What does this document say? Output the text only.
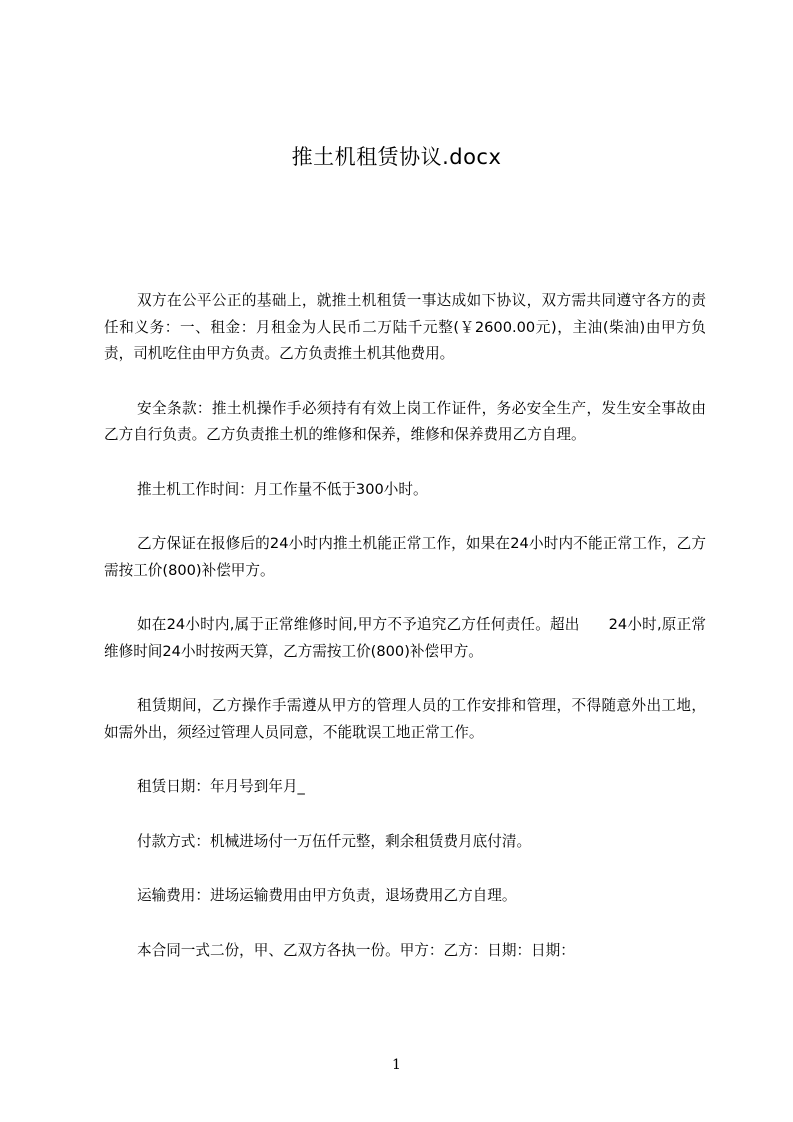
推土机租赁协议.docx

双方在公平公正的基础上，就推土机租赁一事达成如下协议，双方需共同遵守各方的责任和义务：一、租金：月租金为人民币二万陆千元整(￥2600.00元)，主油(柴油)由甲方负责，司机吃住由甲方负责。乙方负责推土机其他费用。

安全条款：推土机操作手必须持有有效上岗工作证件，务必安全生产，发生安全事故由乙方自行负责。乙方负责推土机的维修和保养，维修和保养费用乙方自理。

推土机工作时间：月工作量不低于300小时。

乙方保证在报修后的24小时内推土机能正常工作，如果在24小时内不能正常工作，乙方需按工价(800)补偿甲方。

如在24小时内,属于正常维修时间,甲方不予追究乙方任何责任。超出      24小时,原正常维修时间24小时按两天算，乙方需按工价(800)补偿甲方。

租赁期间，乙方操作手需遵从甲方的管理人员的工作安排和管理，不得随意外出工地，如需外出，须经过管理人员同意，不能耽误工地正常工作。

租赁日期：年月号到年月_

付款方式：机械进场付一万伍仟元整，剩余租赁费月底付清。

运输费用：进场运输费用由甲方负责，退场费用乙方自理。

本合同一式二份，甲、乙双方各执一份。甲方：乙方：日期：日期：

1
